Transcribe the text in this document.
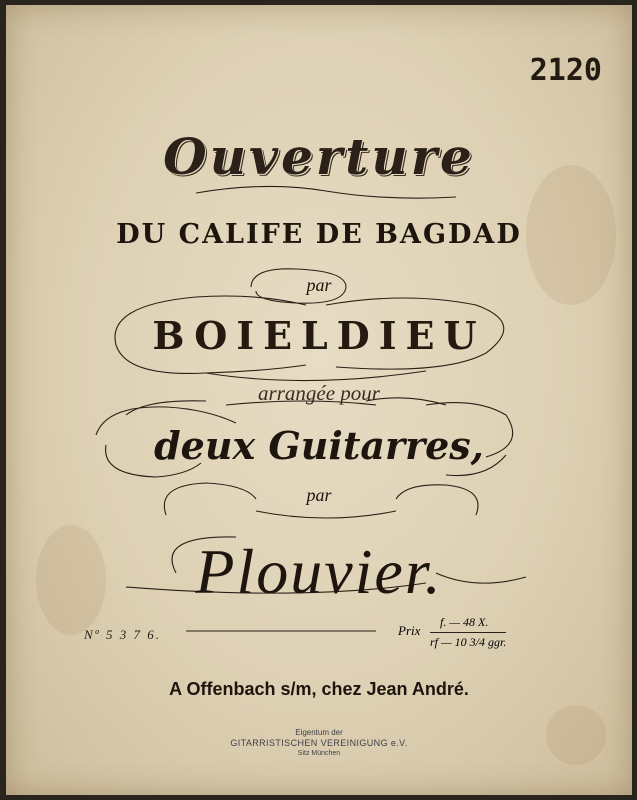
2120
Ouverture
DU CALIFE DE BAGDAD
par
BOIELDIEU
arrangée pour
deux Guitarres,
par
Plouvier.
Nº 5 3 7 6.	Prix
f. — 48 X.
rf — 10 3/4 ggr.
A Offenbach s/m, chez Jean André.
Eigentum der
GITARRISTISCHEN VEREINIGUNG e.V.
Sitz München
